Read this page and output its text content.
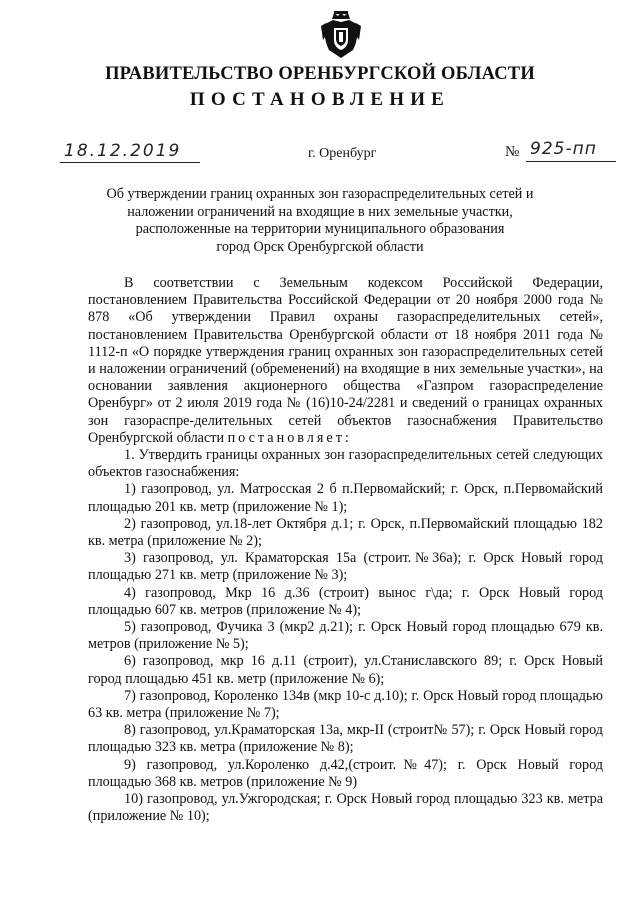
ПРАВИТЕЛЬСТВО ОРЕНБУРГСКОЙ ОБЛАСТИ
ПОСТАНОВЛЕНИЕ
18.12.2019	г. Оренбург	№ 925-пп
Об утверждении границ охранных зон газораспределительных сетей и
наложении ограничений на входящие в них земельные участки,
расположенные на территории муниципального образования
город Орск Оренбургской области

В соответствии с Земельным кодексом Российской Федерации, постановлением Правительства Российской Федерации от 20 ноября 2000 года № 878 «Об утверждении Правил охраны газораспределительных сетей», постановлением Правительства Оренбургской области от 18 ноября 2011 года № 1112-п «О порядке утверждения границ охранных зон газораспределительных сетей и наложении ограничений (обременений) на входящие в них земельные участки», на основании заявления акционерного общества «Газпром газораспределение Оренбург» от 2 июля 2019 года № (16)10-24/2281 и сведений о границах охранных зон газораспре-делительных сетей объектов газоснабжения Правительство Оренбургской области постановляет:

1. Утвердить границы охранных зон газораспределительных сетей следующих объектов газоснабжения:

1) газопровод, ул. Матросская 2 б п.Первомайский; г. Орск, п.Первомайский площадью 201 кв. метр (приложение № 1);

2) газопровод, ул.18-лет Октября д.1; г. Орск, п.Первомайский площадью 182 кв. метра (приложение № 2);

3) газопровод, ул. Краматорская 15а (строит.№36а); г. Орск Новый город площадью 271 кв. метр (приложение № 3);

4) газопровод, Мкр 16 д.36 (строит) вынос г\да; г. Орск Новый город площадью 607 кв. метров (приложение № 4);

5) газопровод, Фучика 3 (мкр2 д.21); г. Орск Новый город площадью 679 кв. метров (приложение № 5);

6) газопровод, мкр 16 д.11 (строит), ул.Станиславского 89; г. Орск Новый город площадью 451 кв. метр (приложение № 6);

7) газопровод, Короленко 134в (мкр 10-с д.10); г. Орск Новый город площадью 63 кв. метра (приложение № 7);

8) газопровод, ул.Краматорская 13а, мкр-II (строит№ 57); г. Орск Новый город площадью 323 кв. метра (приложение № 8);

9) газопровод, ул.Короленко д.42,(строит.№47); г. Орск Новый город площадью 368 кв. метров (приложение № 9)

10) газопровод, ул.Ужгородская; г. Орск Новый город площадью 323 кв. метра (приложение № 10);
